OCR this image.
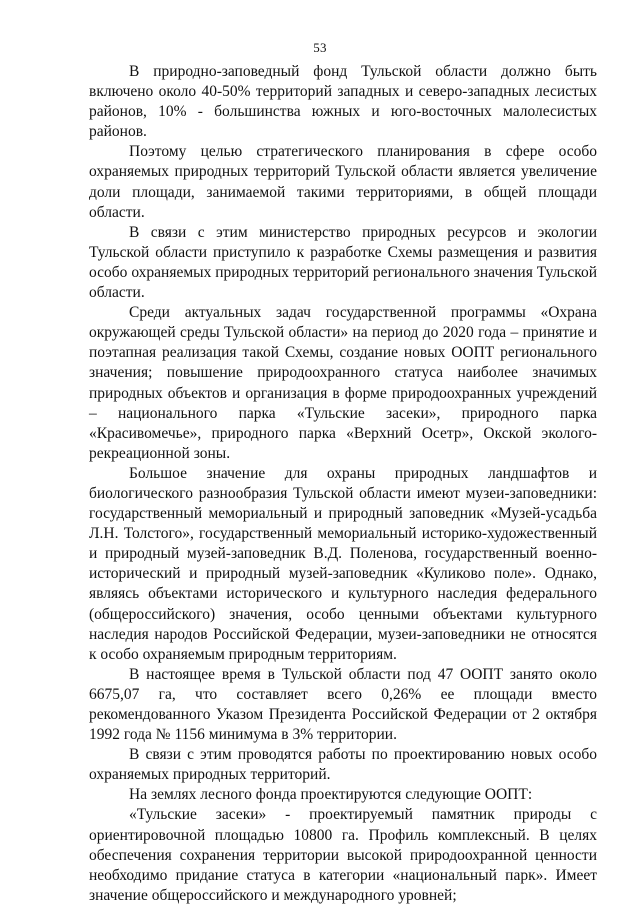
53

В природно-заповедный фонд Тульской области должно быть включено около 40-50% территорий западных и северо-западных лесистых районов, 10% - большинства южных и юго-восточных малолесистых районов.

Поэтому целью стратегического планирования в сфере особо охраняемых природных территорий Тульской области является увеличение доли площади, занимаемой такими территориями, в общей площади области.

В связи с этим министерство природных ресурсов и экологии Тульской области приступило к разработке Схемы размещения и развития особо охраняемых природных территорий регионального значения Тульской области.

Среди актуальных задач государственной программы «Охрана окружающей среды Тульской области» на период до 2020 года – принятие и поэтапная реализация такой Схемы, создание новых ООПТ регионального значения; повышение природоохранного статуса наиболее значимых природных объектов и организация в форме природоохранных учреждений – национального парка «Тульские засеки», природного парка «Красивомечье», природного парка «Верхний Осетр», Окской эколого-рекреационной зоны.

Большое значение для охраны природных ландшафтов и биологического разнообразия Тульской области имеют музеи-заповедники: государственный мемориальный и природный заповедник «Музей-усадьба Л.Н. Толстого», государственный мемориальный историко-художественный и природный музей-заповедник В.Д. Поленова, государственный военно-исторический и природный музей-заповедник «Куликово поле». Однако, являясь объектами исторического и культурного наследия федерального (общероссийского) значения, особо ценными объектами культурного наследия народов Российской Федерации, музеи-заповедники не относятся к особо охраняемым природным территориям.

В настоящее время в Тульской области под 47 ООПТ занято около 6675,07 га, что составляет всего 0,26% ее площади вместо рекомендованного Указом Президента Российской Федерации от 2 октября 1992 года № 1156 минимума в 3% территории.

В связи с этим проводятся работы по проектированию новых особо охраняемых природных территорий.

На землях лесного фонда проектируются следующие ООПТ:

«Тульские засеки» - проектируемый памятник природы с ориентировочной площадью 10800 га. Профиль комплексный. В целях обеспечения сохранения территории высокой природоохранной ценности необходимо придание статуса в категории «национальный парк». Имеет значение общероссийского и международного уровней;
